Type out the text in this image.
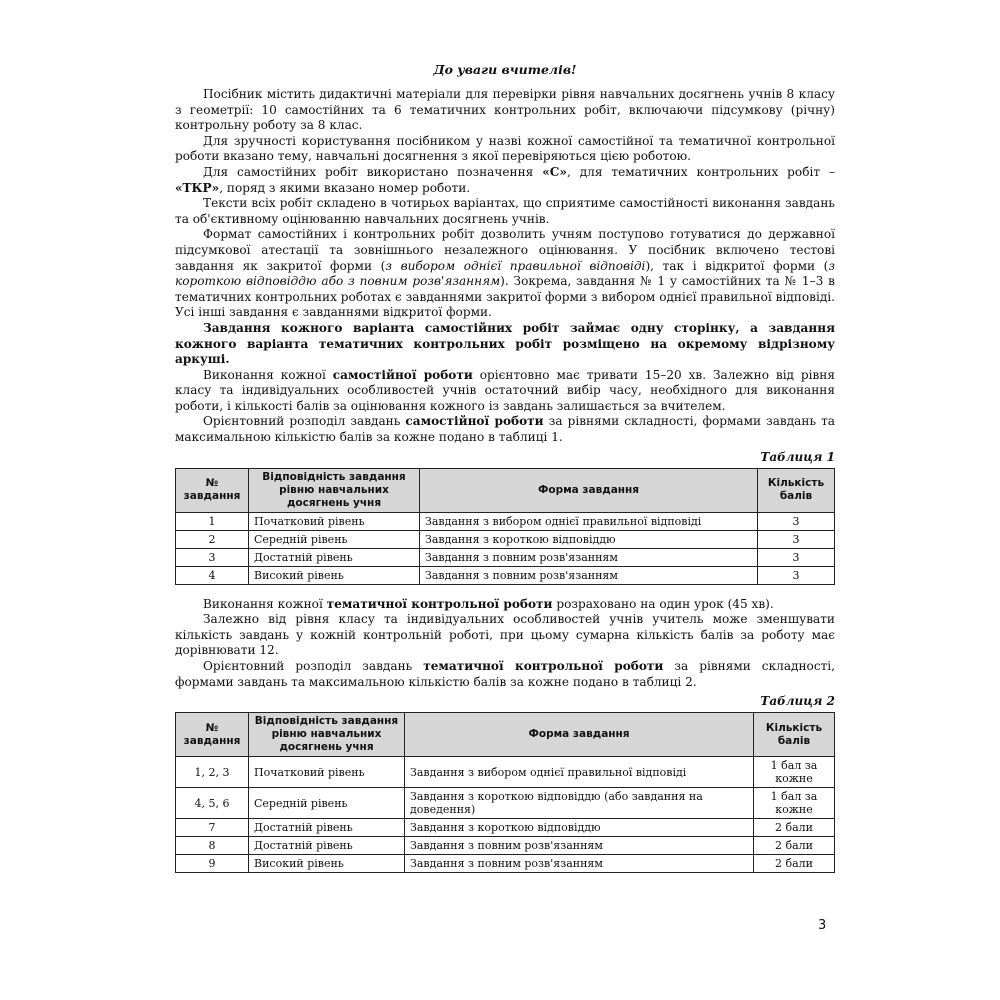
До уваги вчителів!

Посібник містить дидактичні матеріали для перевірки рівня навчальних досягнень учнів 8 класу з геометрії: 10 самостійних та 6 тематичних контрольних робіт, включаючи підсумкову (річну) контрольну роботу за 8 клас.

Для зручності користування посібником у назві кожної самостійної та тематичної контрольної роботи вказано тему, навчальні досягнення з якої перевіряються цією роботою.

Для самостійних робіт використано позначення «С», для тематичних контрольних робіт – «ТКР», поряд з якими вказано номер роботи.

Тексти всіх робіт складено в чотирьох варіантах, що сприятиме самостійності виконання завдань та об'єктивному оцінюванню навчальних досягнень учнів.

Формат самостійних і контрольних робіт дозволить учням поступово готуватися до державної підсумкової атестації та зовнішнього незалежного оцінювання. У посібник включено тестові завдання як закритої форми (з вибором однієї правильної відповіді), так і відкритої форми (з короткою відповіддю або з повним розв'язанням). Зокрема, завдання № 1 у самостійних та № 1–3 в тематичних контрольних роботах є завданнями закритої форми з вибором однієї правильної відповіді. Усі інші завдання є завданнями відкритої форми.

Завдання кожного варіанта самостійних робіт займає одну сторінку, а завдання кожного варіанта тематичних контрольних робіт розміщено на окремому відрізному аркуші.

Виконання кожної самостійної роботи орієнтовно має тривати 15–20 хв. Залежно від рівня класу та індивідуальних особливостей учнів остаточний вибір часу, необхідного для виконання роботи, і кількості балів за оцінювання кожного із завдань залишається за вчителем.

Орієнтовний розподіл завдань самостійної роботи за рівнями складності, формами завдань та максимальною кількістю балів за кожне подано в таблиці 1.

Таблиця 1
№ завдання	Відповідність завдання рівню навчальних досягнень учня	Форма завдання	Кількість балів
1	Початковий рівень	Завдання з вибором однієї правильної відповіді	3
2	Середній рівень	Завдання з короткою відповіддю	3
3	Достатній рівень	Завдання з повним розв'язанням	3
4	Високий рівень	Завдання з повним розв'язанням	3

Виконання кожної тематичної контрольної роботи розраховано на один урок (45 хв).

Залежно від рівня класу та індивідуальних особливостей учнів учитель може зменшувати кількість завдань у кожній контрольній роботі, при цьому сумарна кількість балів за роботу має дорівнювати 12.

Орієнтовний розподіл завдань тематичної контрольної роботи за рівнями складності, формами завдань та максимальною кількістю балів за кожне подано в таблиці 2.

Таблиця 2
№ завдання	Відповідність завдання рівню навчальних досягнень учня	Форма завдання	Кількість балів
1, 2, 3	Початковий рівень	Завдання з вибором однієї правильної відповіді	1 бал за кожне
4, 5, 6	Середній рівень	Завдання з короткою відповіддю (або завдання на доведення)	1 бал за кожне
7	Достатній рівень	Завдання з короткою відповіддю	2 бали
8	Достатній рівень	Завдання з повним розв'язанням	2 бали
9	Високий рівень	Завдання з повним розв'язанням	2 бали
3
